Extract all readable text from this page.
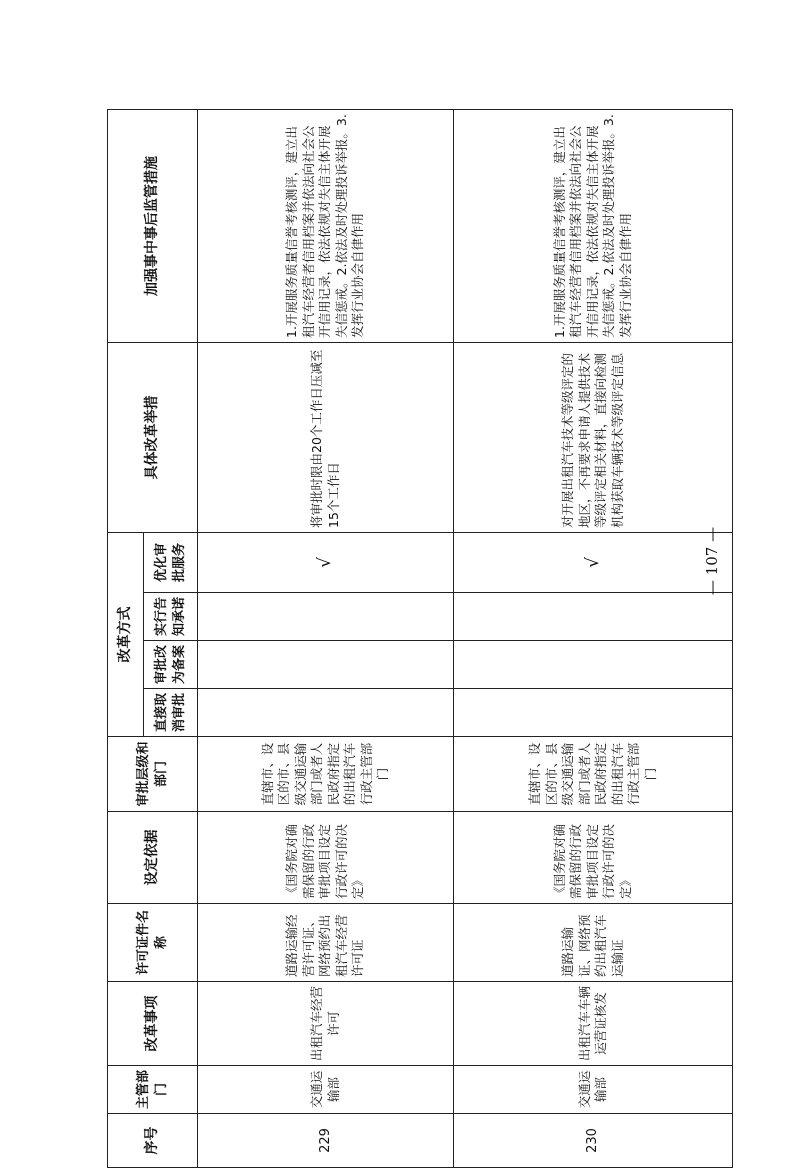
序号	主管部门	改革事项	许可证件名称	设定依据	审批层级和部门	改革方式				具体改革举措	加强事中事后监管措施
						直接取消审批	审批改为备案	实行告知承诺	优化审批服务		
229	交通运输部	出租汽车经营许可	道路运输经营许可证、网络预约出租汽车经营许可证	《国务院对确需保留的行政审批项目设定行政许可的决定》	直辖市、设区的市、县级交通运输部门或者人民政府指定的出租汽车行政主管部门				√	将审批时限由20个工作日压减至15个工作日	1.开展服务质量信誉考核测评，建立出租汽车经营者信用档案并依法向社会公开信用记录，依法依规对失信主体开展失信惩戒。2.依法及时处理投诉举报。3.发挥行业协会自律作用
230	交通运输部	出租汽车车辆运营证核发	道路运输证、网络预约出租汽车运输证	《国务院对确需保留的行政审批项目设定行政许可的决定》	直辖市、设区的市、县级交通运输部门或者人民政府指定的出租汽车行政主管部门				√	对开展出租汽车技术等级评定的地区，不再要求申请人提供技术等级评定相关材料，直接向检测机构获取车辆技术等级评定信息	1.开展服务质量信誉考核测评，建立出租汽车经营者信用档案并依法向社会公开信用记录，依法依规对失信主体开展失信惩戒。2.依法及时处理投诉举报。3.发挥行业协会自律作用
— 107 —
